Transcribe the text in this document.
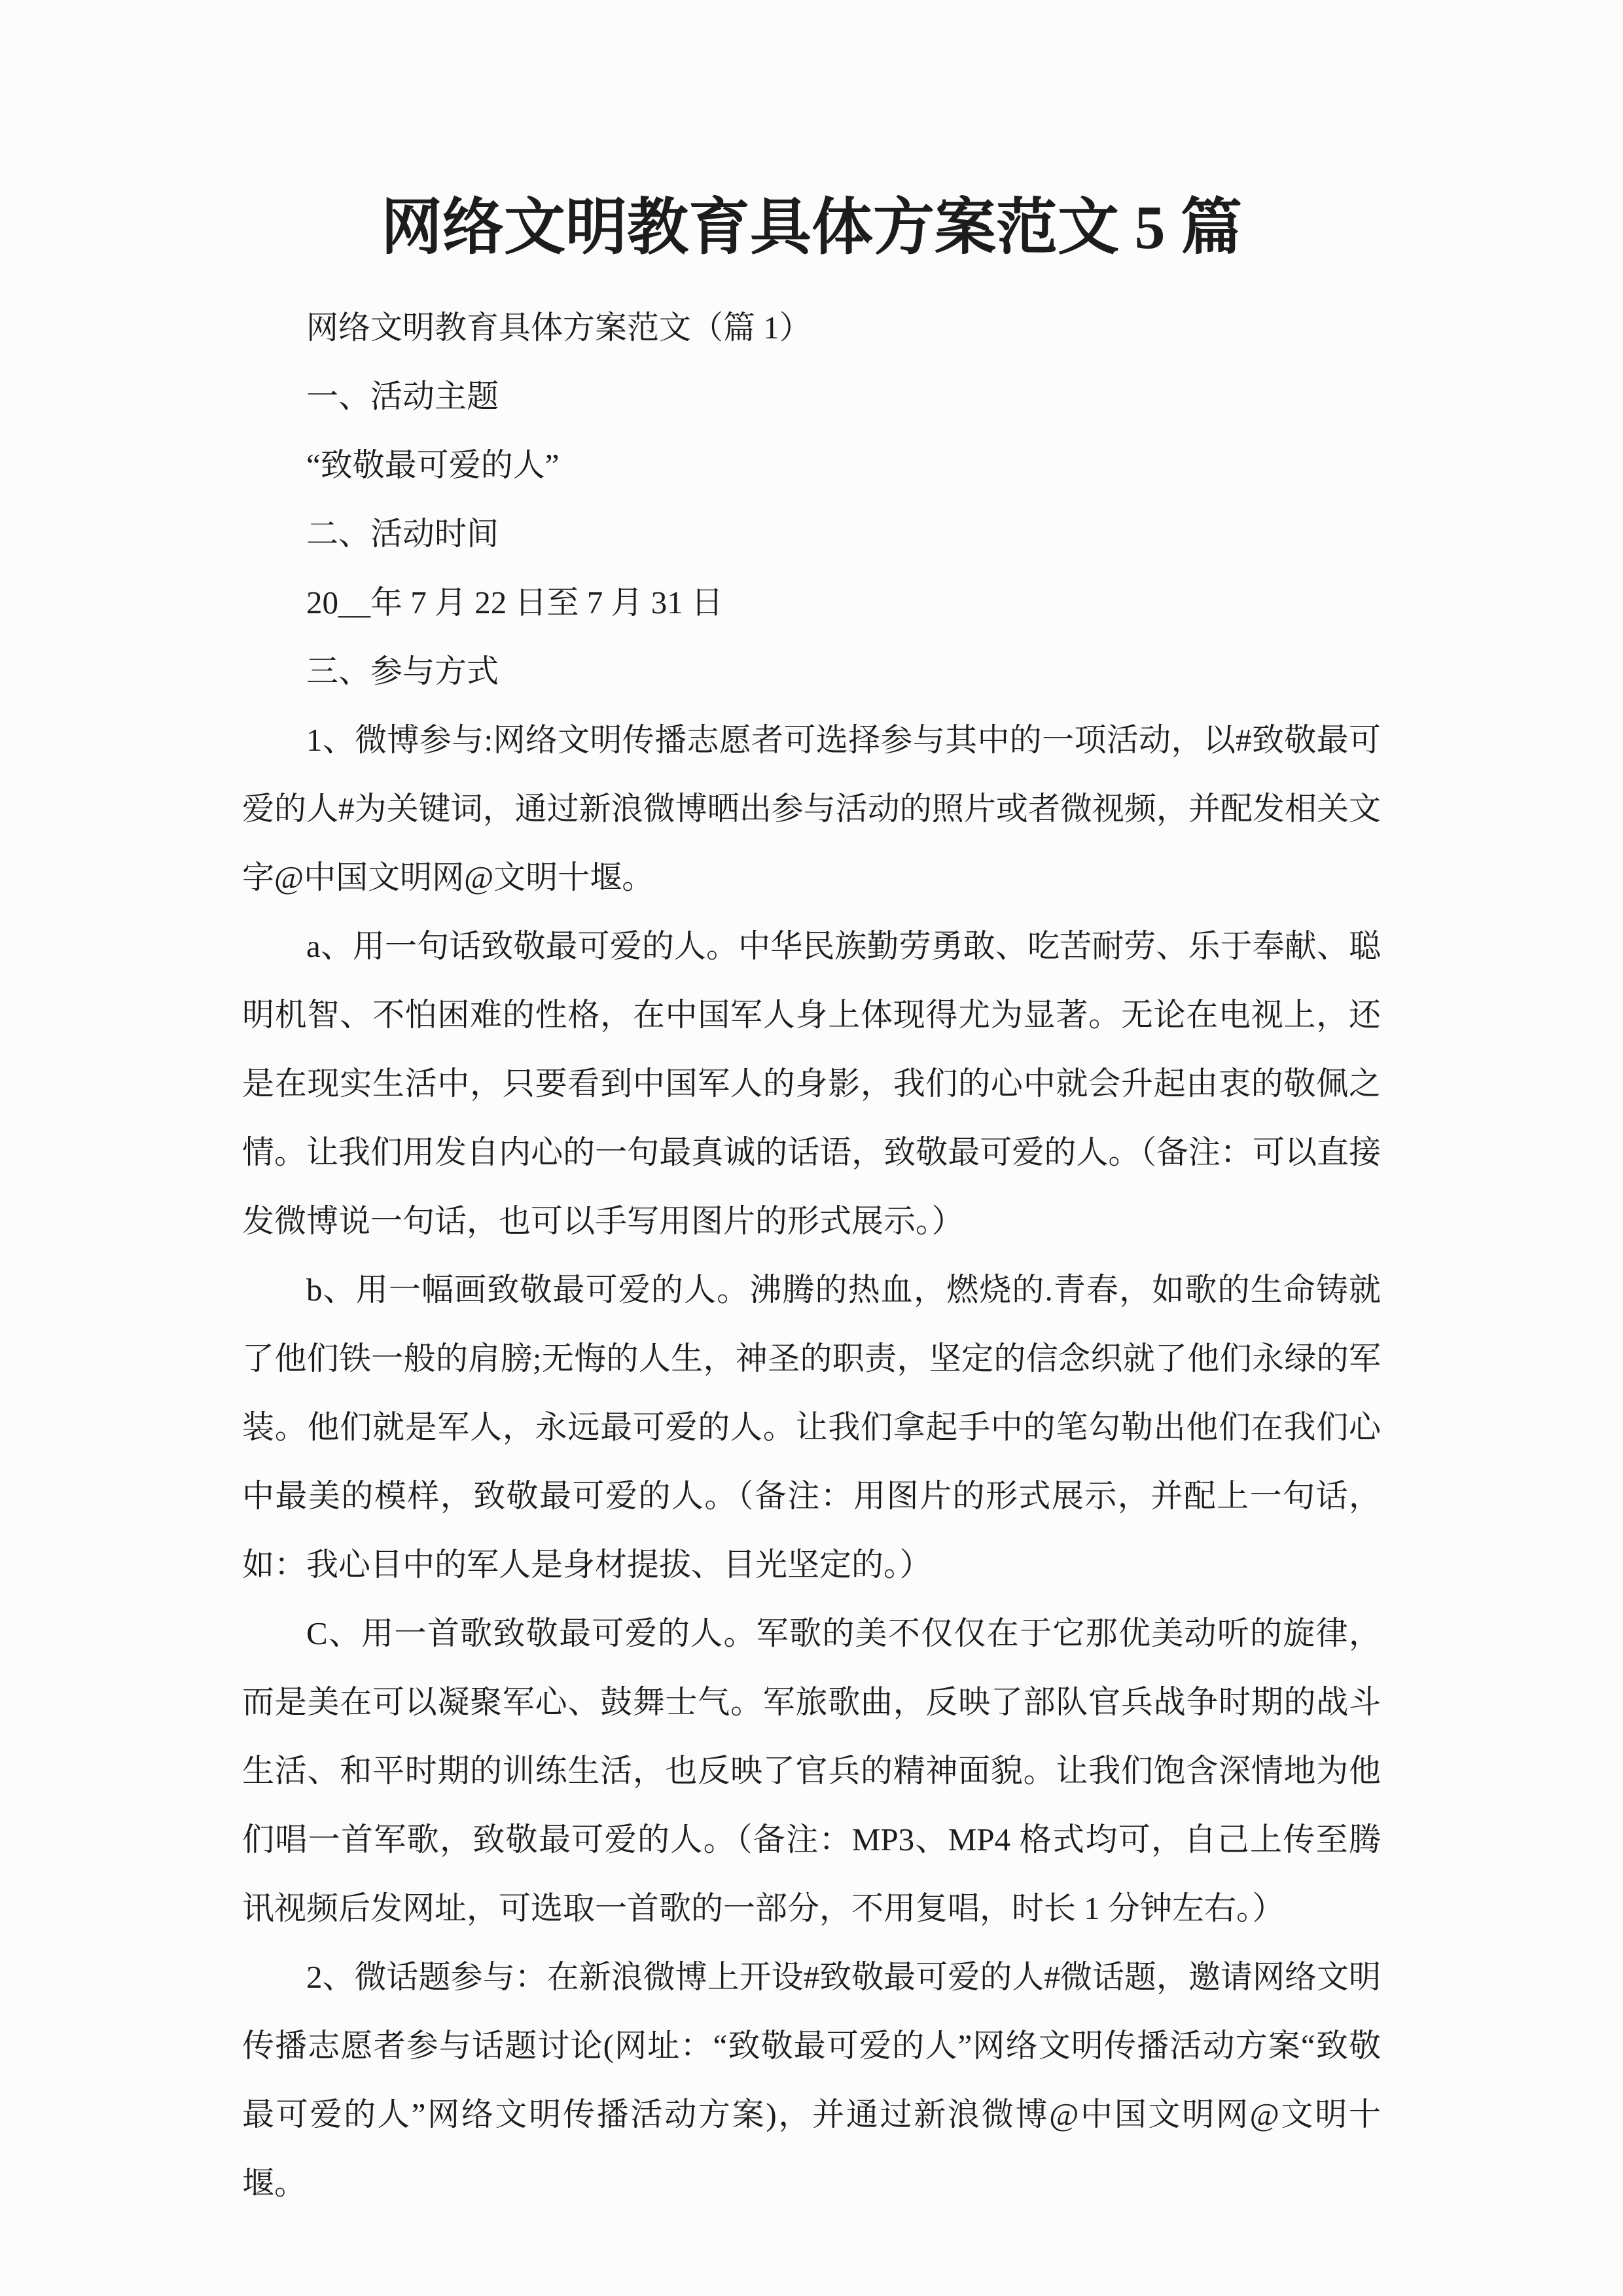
网络文明教育具体方案范文 5 篇

网络文明教育具体方案范文（篇 1）

一、活动主题

“致敬最可爱的人”

二、活动时间

20__年 7 月 22 日至 7 月 31 日

三、参与方式

1、微博参与:网络文明传播志愿者可选择参与其中的一项活动，以#致敬最可爱的人#为关键词，通过新浪微博晒出参与活动的照片或者微视频，并配发相关文字@中国文明网@文明十堰。

a、用一句话致敬最可爱的人。中华民族勤劳勇敢、吃苦耐劳、乐于奉献、聪明机智、不怕困难的性格，在中国军人身上体现得尤为显著。无论在电视上，还是在现实生活中，只要看到中国军人的身影，我们的心中就会升起由衷的敬佩之情。让我们用发自内心的一句最真诚的话语，致敬最可爱的人。（备注：可以直接发微博说一句话，也可以手写用图片的形式展示。）

b、用一幅画致敬最可爱的人。沸腾的热血，燃烧的.青春，如歌的生命铸就了他们铁一般的肩膀;无悔的人生，神圣的职责，坚定的信念织就了他们永绿的军装。他们就是军人，永远最可爱的人。让我们拿起手中的笔勾勒出他们在我们心中最美的模样，致敬最可爱的人。（备注：用图片的形式展示，并配上一句话，如：我心目中的军人是身材提拔、目光坚定的。）

C、用一首歌致敬最可爱的人。军歌的美不仅仅在于它那优美动听的旋律，而是美在可以凝聚军心、鼓舞士气。军旅歌曲，反映了部队官兵战争时期的战斗生活、和平时期的训练生活，也反映了官兵的精神面貌。让我们饱含深情地为他们唱一首军歌，致敬最可爱的人。（备注：MP3、MP4 格式均可，自己上传至腾讯视频后发网址，可选取一首歌的一部分，不用复唱，时长 1 分钟左右。）

2、微话题参与：在新浪微博上开设#致敬最可爱的人#微话题，邀请网络文明传播志愿者参与话题讨论(网址：“致敬最可爱的人”网络文明传播活动方案“致敬最可爱的人”网络文明传播活动方案)，并通过新浪微博@中国文明网@文明十堰。
